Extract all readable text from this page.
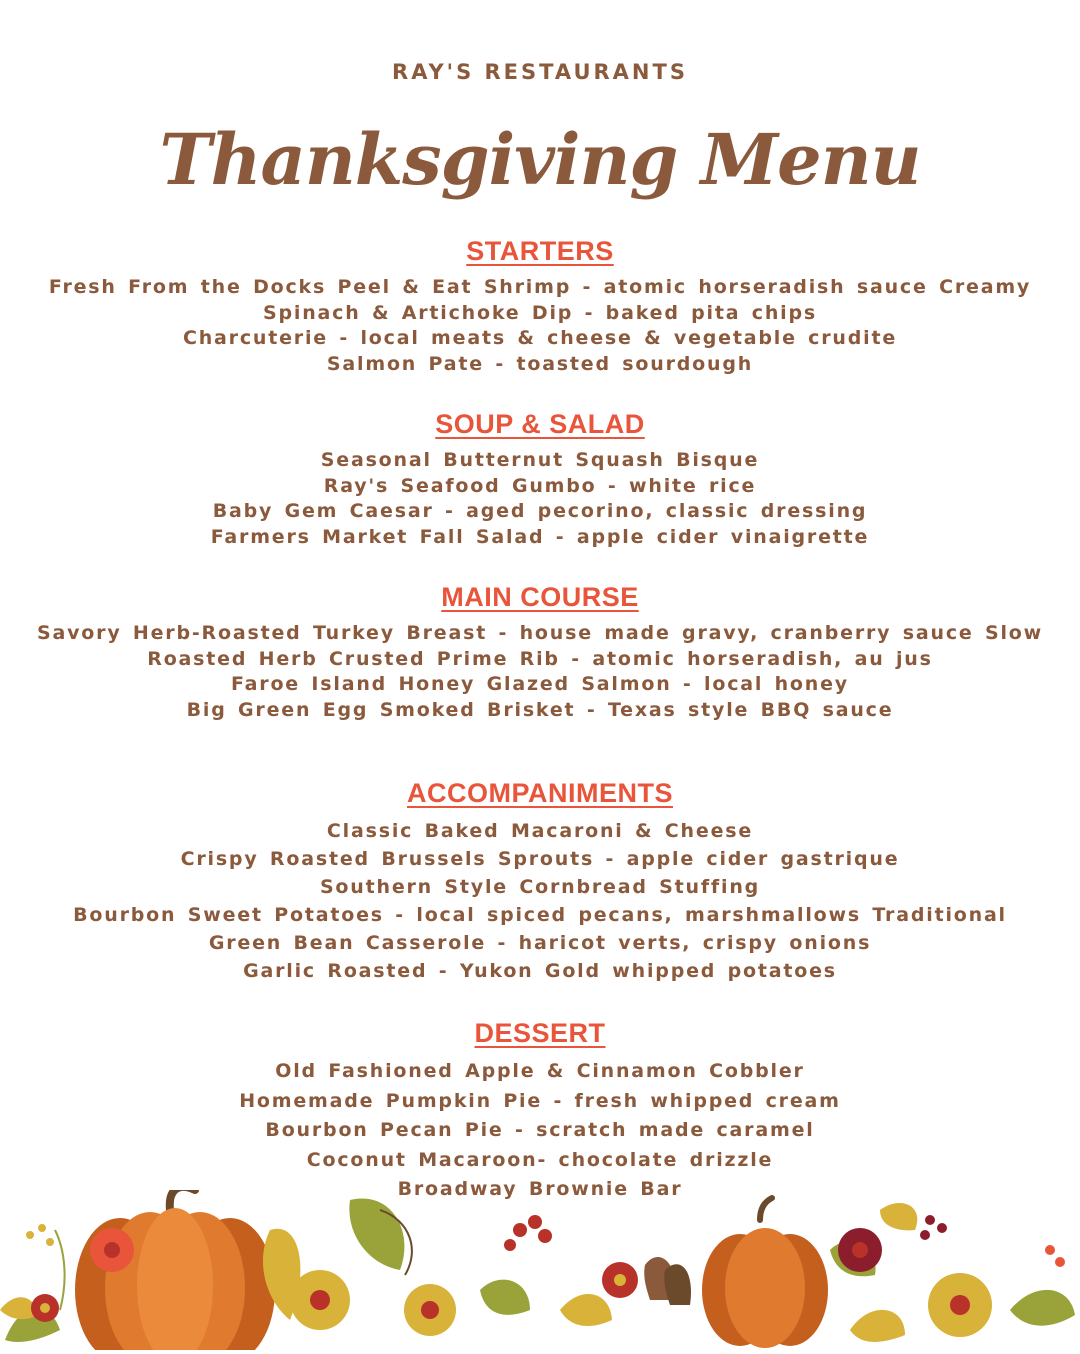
RAY'S RESTAURANTS
Thanksgiving Menu
STARTERS
Fresh From the Docks Peel & Eat Shrimp - atomic horseradish sauce Creamy
Spinach & Artichoke Dip - baked pita chips
Charcuterie - local meats & cheese & vegetable crudite
Salmon Pate - toasted sourdough
SOUP & SALAD
Seasonal Butternut Squash Bisque
Ray's Seafood Gumbo - white rice
Baby Gem Caesar - aged pecorino, classic dressing
Farmers Market Fall Salad - apple cider vinaigrette
MAIN COURSE
Savory Herb-Roasted Turkey Breast - house made gravy, cranberry sauce Slow
Roasted Herb Crusted Prime Rib - atomic horseradish, au jus
Faroe Island Honey Glazed Salmon - local honey
Big Green Egg Smoked Brisket - Texas style BBQ sauce
ACCOMPANIMENTS
Classic Baked Macaroni & Cheese
Crispy Roasted Brussels Sprouts - apple cider gastrique
Southern Style Cornbread Stuffing
Bourbon Sweet Potatoes - local spiced pecans, marshmallows Traditional
Green Bean Casserole - haricot verts, crispy onions
Garlic Roasted - Yukon Gold whipped potatoes
DESSERT
Old Fashioned Apple & Cinnamon Cobbler
Homemade Pumpkin Pie - fresh whipped cream
Bourbon Pecan Pie - scratch made caramel
Coconut Macaroon- chocolate drizzle
Broadway Brownie Bar
